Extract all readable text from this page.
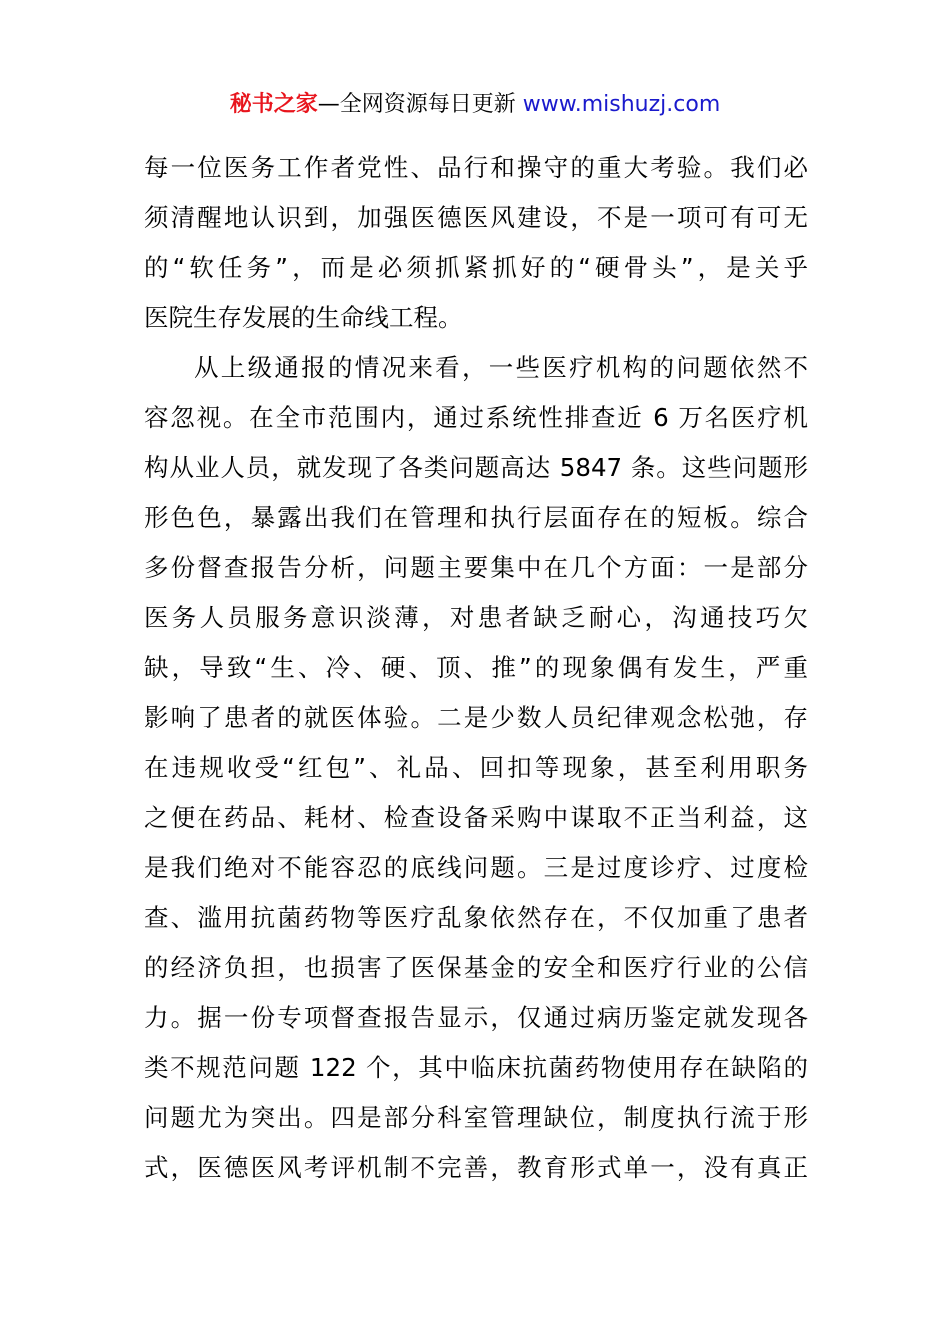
秘书之家—全网资源每日更新 www.mishuzj.com
每一位医务工作者党性、品行和操守的重大考验。我们必
须清醒地认识到，加强医德医风建设，不是一项可有可无
的“软任务”，而是必须抓紧抓好的“硬骨头”，是关乎
医院生存发展的生命线工程。
从上级通报的情况来看，一些医疗机构的问题依然不
容忽视。在全市范围内，通过系统性排查近 6 万名医疗机
构从业人员，就发现了各类问题高达 5847 条。这些问题形
形色色，暴露出我们在管理和执行层面存在的短板。综合
多份督查报告分析，问题主要集中在几个方面：一是部分
医务人员服务意识淡薄，对患者缺乏耐心，沟通技巧欠
缺，导致“生、冷、硬、顶、推”的现象偶有发生，严重
影响了患者的就医体验。二是少数人员纪律观念松弛，存
在违规收受“红包”、礼品、回扣等现象，甚至利用职务
之便在药品、耗材、检查设备采购中谋取不正当利益，这
是我们绝对不能容忍的底线问题。三是过度诊疗、过度检
查、滥用抗菌药物等医疗乱象依然存在，不仅加重了患者
的经济负担，也损害了医保基金的安全和医疗行业的公信
力。据一份专项督查报告显示，仅通过病历鉴定就发现各
类不规范问题 122 个，其中临床抗菌药物使用存在缺陷的
问题尤为突出。四是部分科室管理缺位，制度执行流于形
式，医德医风考评机制不完善，教育形式单一，没有真正
